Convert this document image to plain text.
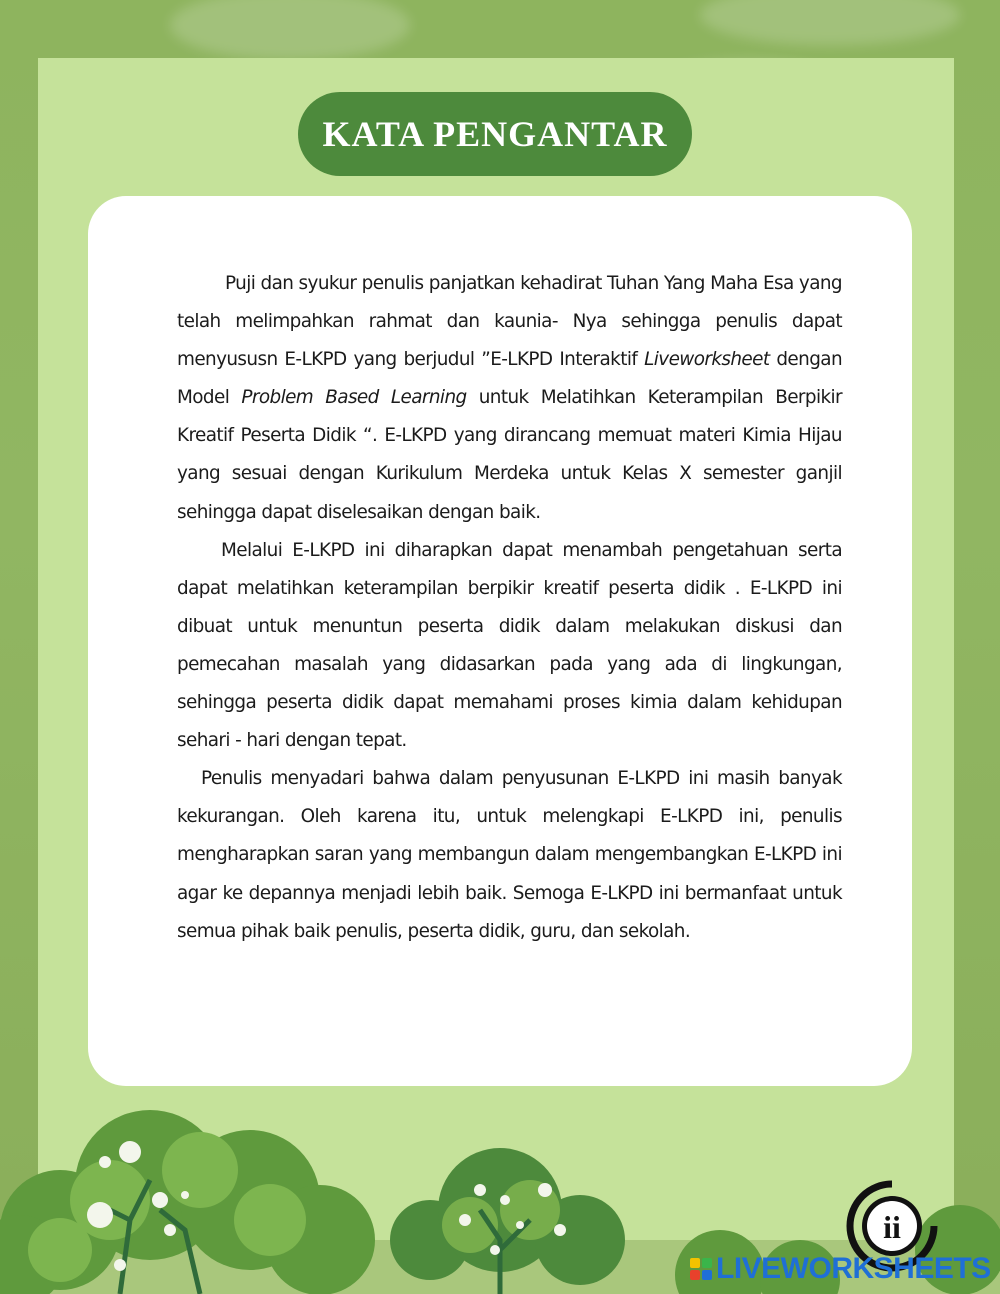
KATA PENGANTAR

Puji dan syukur penulis panjatkan kehadirat Tuhan Yang Maha Esa yang telah melimpahkan rahmat dan kaunia- Nya sehingga penulis dapat menyususn E-LKPD yang berjudul ”E-LKPD Interaktif Liveworksheet dengan Model Problem Based Learning untuk Melatihkan Keterampilan Berpikir Kreatif Peserta Didik “. E-LKPD yang dirancang memuat materi Kimia Hijau yang sesuai dengan Kurikulum Merdeka untuk Kelas X semester ganjil sehingga dapat diselesaikan dengan baik.

Melalui E-LKPD ini diharapkan dapat menambah pengetahuan serta dapat melatihkan keterampilan berpikir kreatif peserta didik . E-LKPD ini dibuat untuk menuntun peserta didik dalam melakukan diskusi dan pemecahan masalah yang didasarkan pada yang ada di lingkungan, sehingga peserta didik dapat memahami proses kimia dalam kehidupan sehari - hari dengan tepat.

Penulis menyadari bahwa dalam penyusunan E-LKPD ini masih banyak kekurangan. Oleh karena itu, untuk melengkapi E-LKPD ini, penulis mengharapkan saran yang membangun dalam mengembangkan E-LKPD ini agar ke depannya menjadi lebih baik. Semoga E-LKPD ini bermanfaat untuk semua pihak baik penulis, peserta didik, guru, dan sekolah.

ii
LIVEWORKSHEETS
